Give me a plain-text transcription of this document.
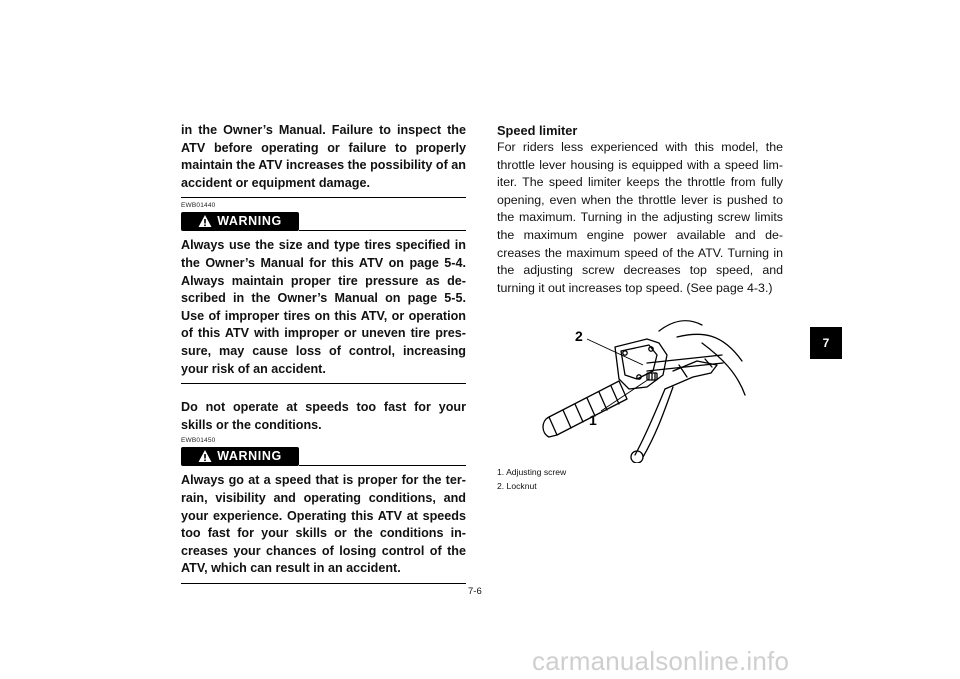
in the Owner’s Manual. Failure to inspect the ATV before operating or failure to properly maintain the ATV increases the possibility of an accident or equipment damage.

EWB01440

WARNING

Always use the size and type tires specified in the Owner’s Manual for this ATV on page 5-4. Always maintain proper tire pressure as described in the Owner’s Manual on page 5-5. Use of improper tires on this ATV, or operation of this ATV with improper or uneven tire pressure, may cause loss of control, increasing your risk of an accident.

Do not operate at speeds too fast for your skills or the conditions.

EWB01450

WARNING

Always go at a speed that is proper for the terrain, visibility and operating conditions, and your experience. Operating this ATV at speeds too fast for your skills or the conditions increases your chances of losing control of the ATV, which can result in an accident.

Speed limiter

For riders less experienced with this model, the throttle lever housing is equipped with a speed limiter. The speed limiter keeps the throttle from fully opening, even when the throttle lever is pushed to the maximum. Turning in the adjusting screw limits the maximum engine power available and decreases the maximum speed of the ATV. Turning in the adjusting screw decreases top speed, and turning it out increases top speed. (See page 4-3.)

2
1

1. Adjusting screw

2. Locknut

7-6
7
carmanualsonline.info
